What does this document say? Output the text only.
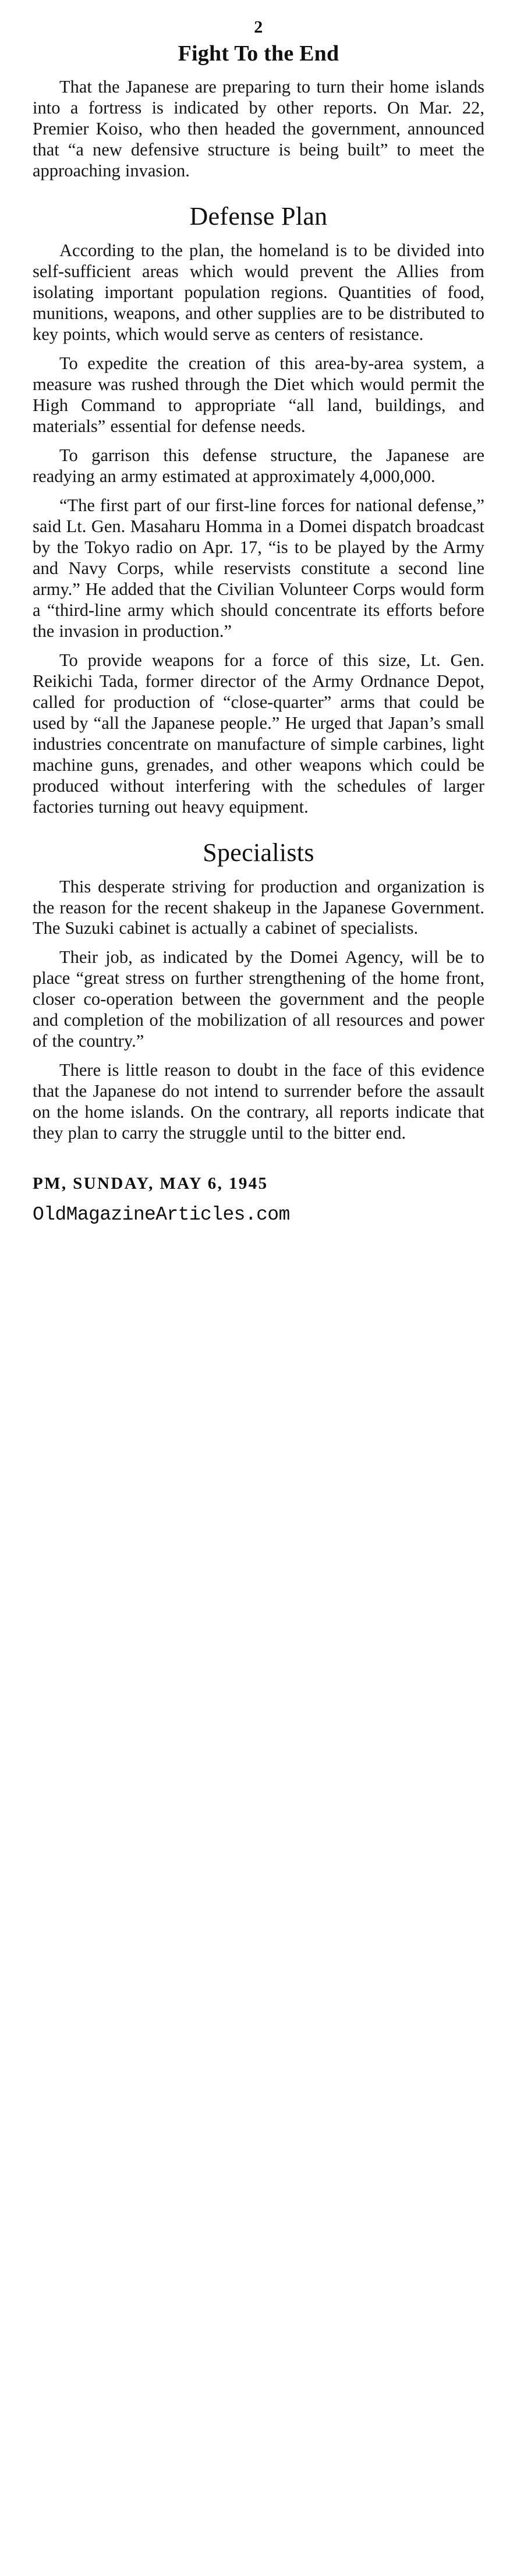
2
Fight To the End

That the Japanese are preparing to turn their home islands into a fortress is indicated by other reports. On Mar. 22, Premier Koiso, who then headed the government, announced that “a new defensive structure is being built” to meet the approaching invasion.

Defense Plan

According to the plan, the homeland is to be divided into self-sufficient areas which would prevent the Allies from isolating important population regions. Quantities of food, munitions, weapons, and other supplies are to be distributed to key points, which would serve as centers of resistance.

To expedite the creation of this area-by-area system, a measure was rushed through the Diet which would permit the High Command to appropriate “all land, buildings, and materials” essential for defense needs.

To garrison this defense structure, the Japanese are readying an army estimated at approximately 4,000,000.

“The first part of our first-line forces for national defense,” said Lt. Gen. Masaharu Homma in a Domei dispatch broadcast by the Tokyo radio on Apr. 17, “is to be played by the Army and Navy Corps, while reservists constitute a second line army.” He added that the Civilian Volunteer Corps would form a “third-line army which should concentrate its efforts before the invasion in production.”

To provide weapons for a force of this size, Lt. Gen. Reikichi Tada, former director of the Army Ordnance Depot, called for production of “close-quarter” arms that could be used by “all the Japanese people.” He urged that Japan’s small industries concentrate on manufacture of simple carbines, light machine guns, grenades, and other weapons which could be produced without interfering with the schedules of larger factories turning out heavy equipment.

Specialists

This desperate striving for production and organization is the reason for the recent shakeup in the Japanese Government. The Suzuki cabinet is actually a cabinet of specialists.

Their job, as indicated by the Domei Agency, will be to place “great stress on further strengthening of the home front, closer co-operation between the government and the people and completion of the mobilization of all resources and power of the country.”

There is little reason to doubt in the face of this evidence that the Japanese do not intend to surrender before the assault on the home islands. On the contrary, all reports indicate that they plan to carry the struggle until to the bitter end.

PM, SUNDAY, MAY 6, 1945
OldMagazineArticles.com
